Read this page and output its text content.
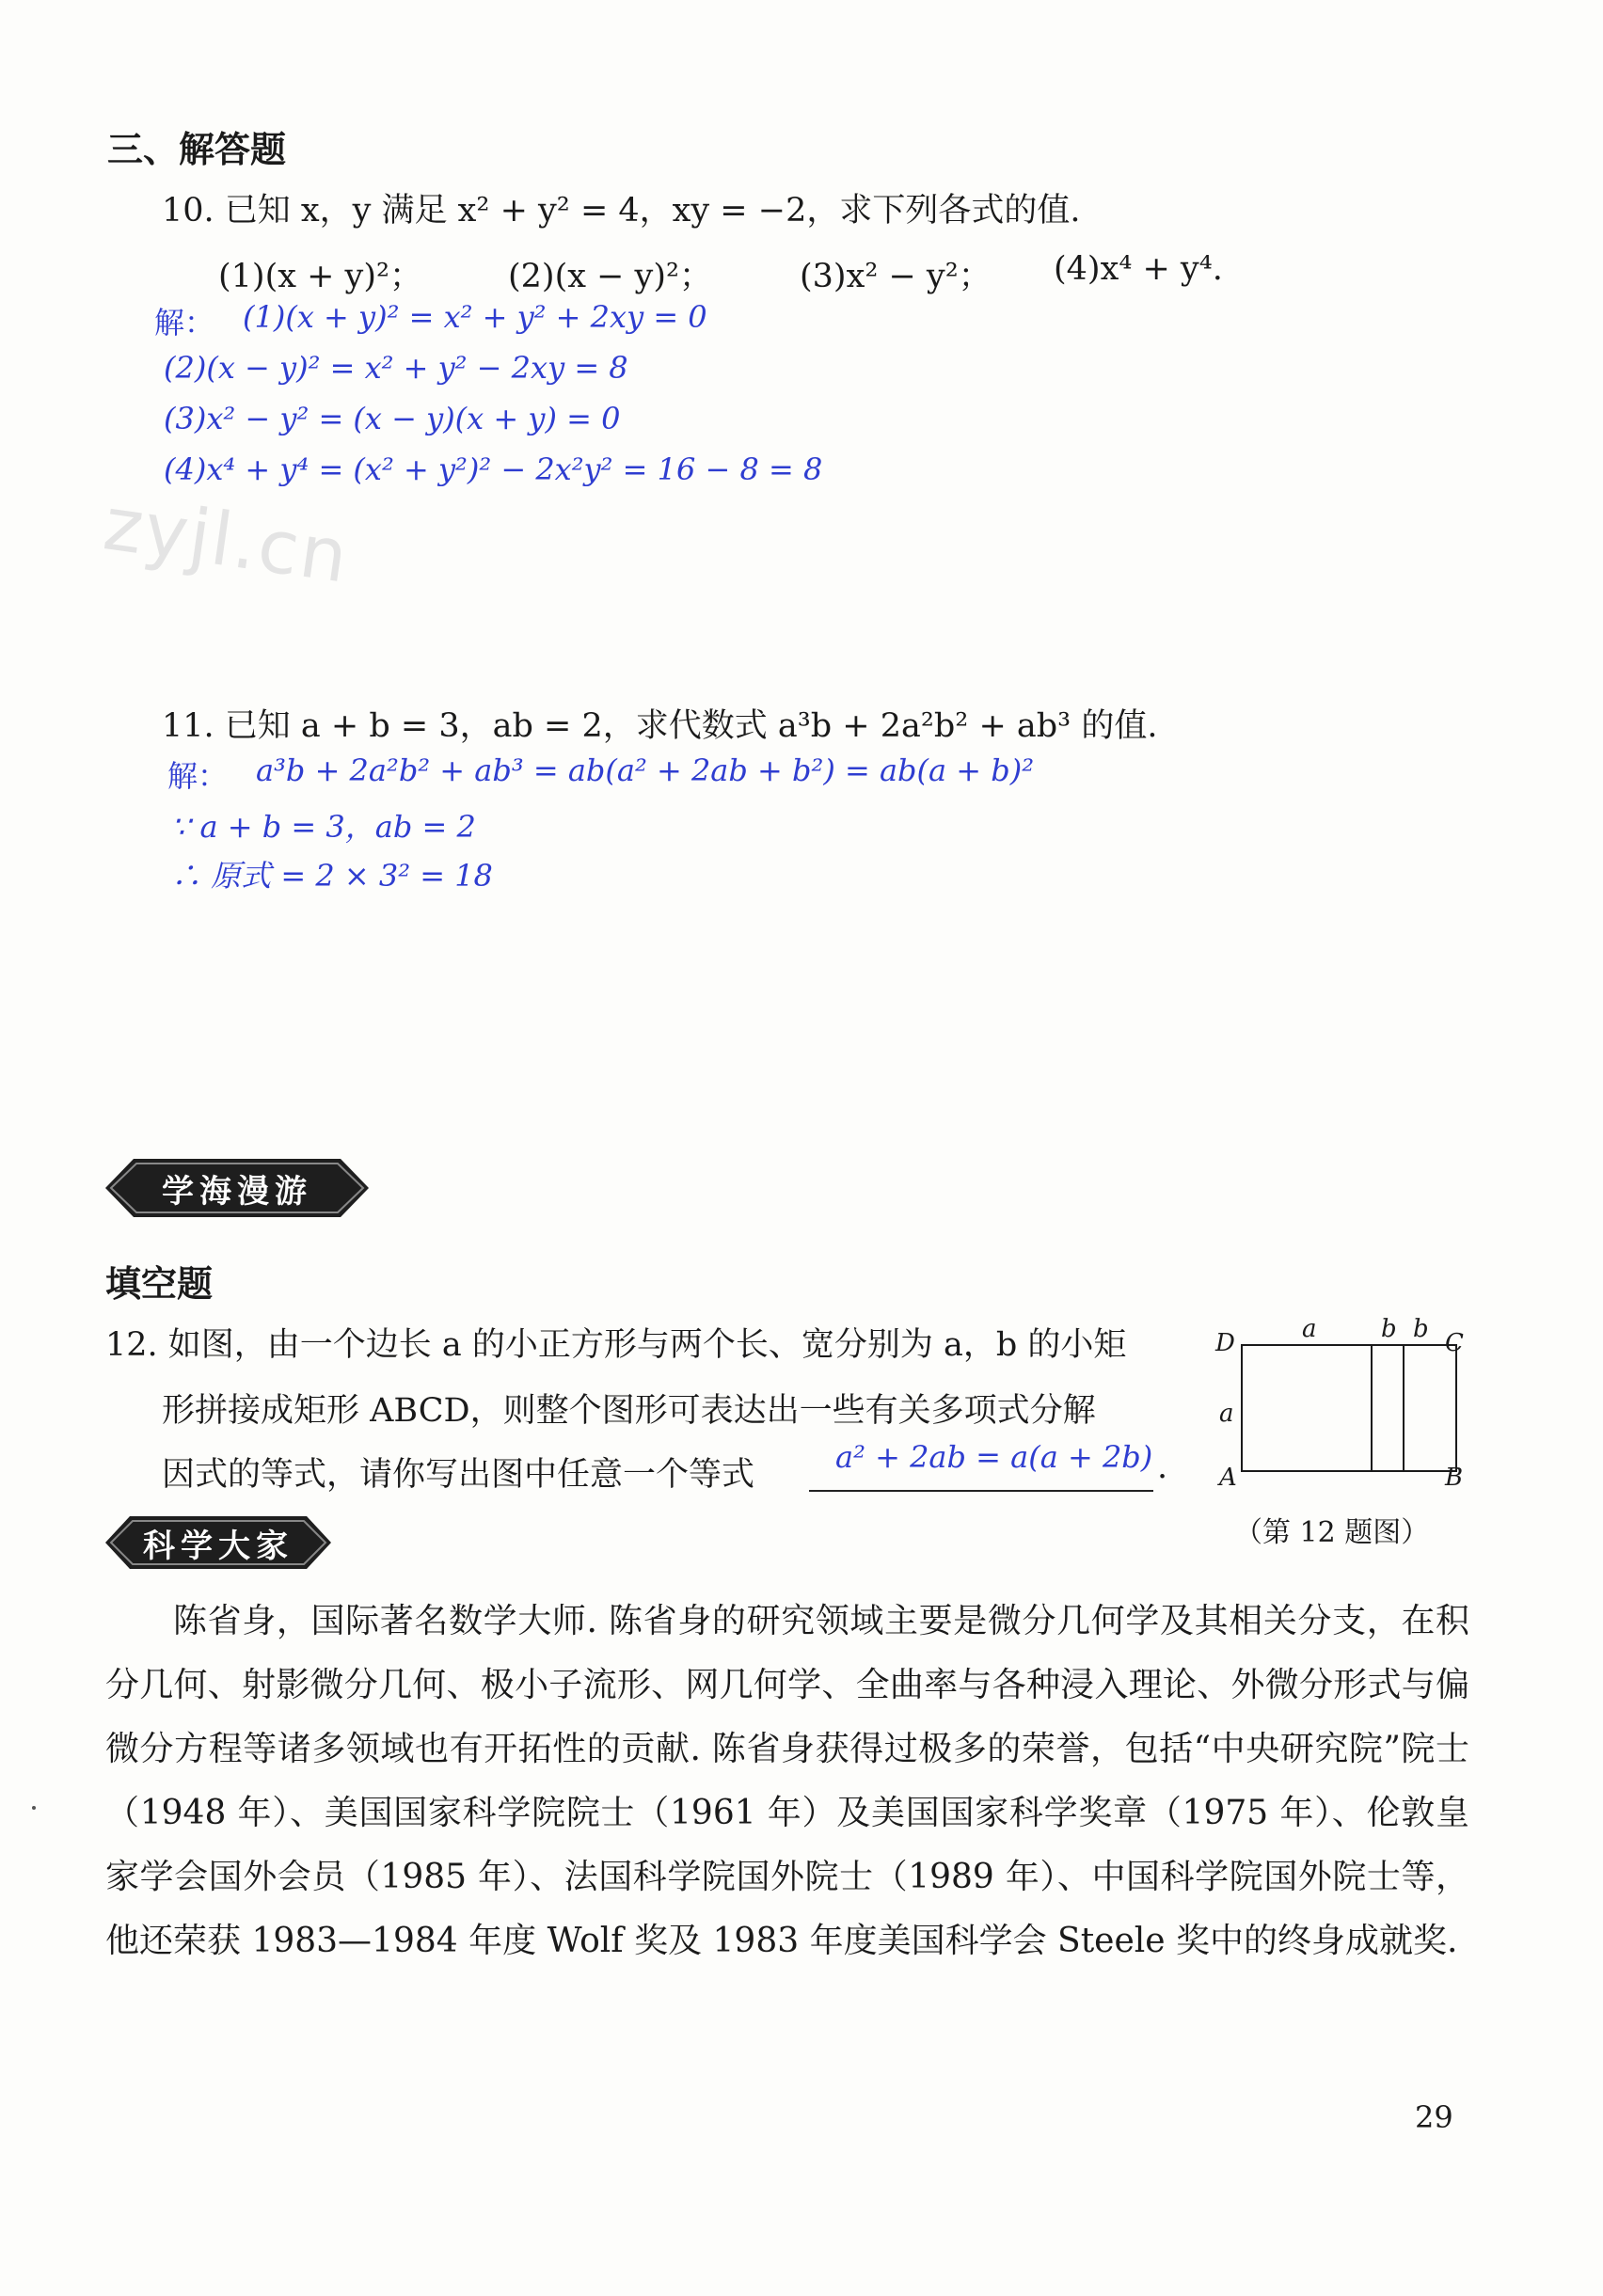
三、解答题
10. 已知 x，y 满足 x² + y² = 4，xy = −2，求下列各式的值.
(1)(x + y)²；	(2)(x − y)²；	(3)x² − y²； (4)x⁴ + y⁴.
解： (1)(x + y)² = x² + y² + 2xy = 0
(2)(x − y)² = x² + y² − 2xy = 8
(3)x² − y² = (x − y)(x + y) = 0
(4)x⁴ + y⁴ = (x² + y²)² − 2x²y² = 16 − 8 = 8
zyjl.cn
11. 已知 a + b = 3，ab = 2，求代数式 a³b + 2a²b² + ab³ 的值.
解： a³b + 2a²b² + ab³ = ab(a² + 2ab + b²) = ab(a + b)²
∵ a + b = 3，ab = 2
∴ 原式 = 2 × 3² = 18
学海漫游
填空题
12. 如图，由一个边长 a 的小正方形与两个长、宽分别为 a，b 的小矩
形拼接成矩形 ABCD，则整个图形可表达出一些有关多项式分解
因式的等式，请你写出图中任意一个等式	a² + 2ab = a(a + 2b) .
D	C
A	B
a	b b
a
（第 12 题图）
科学大家
陈省身，国际著名数学大师. 陈省身的研究领域主要是微分几何学及其相关分支，在积分几何、射影微分几何、极小子流形、网几何学、全曲率与各种浸入理论、外微分形式与偏微分方程等诸多领域也有开拓性的贡献. 陈省身获得过极多的荣誉，包括“中央研究院”院士（1948 年）、美国国家科学院院士（1961 年）及美国国家科学奖章（1975 年）、伦敦皇家学会国外会员（1985 年）、法国科学院国外院士（1989 年）、中国科学院国外院士等，他还荣获 1983—1984 年度 Wolf 奖及 1983 年度美国科学会 Steele 奖中的终身成就奖.
29
